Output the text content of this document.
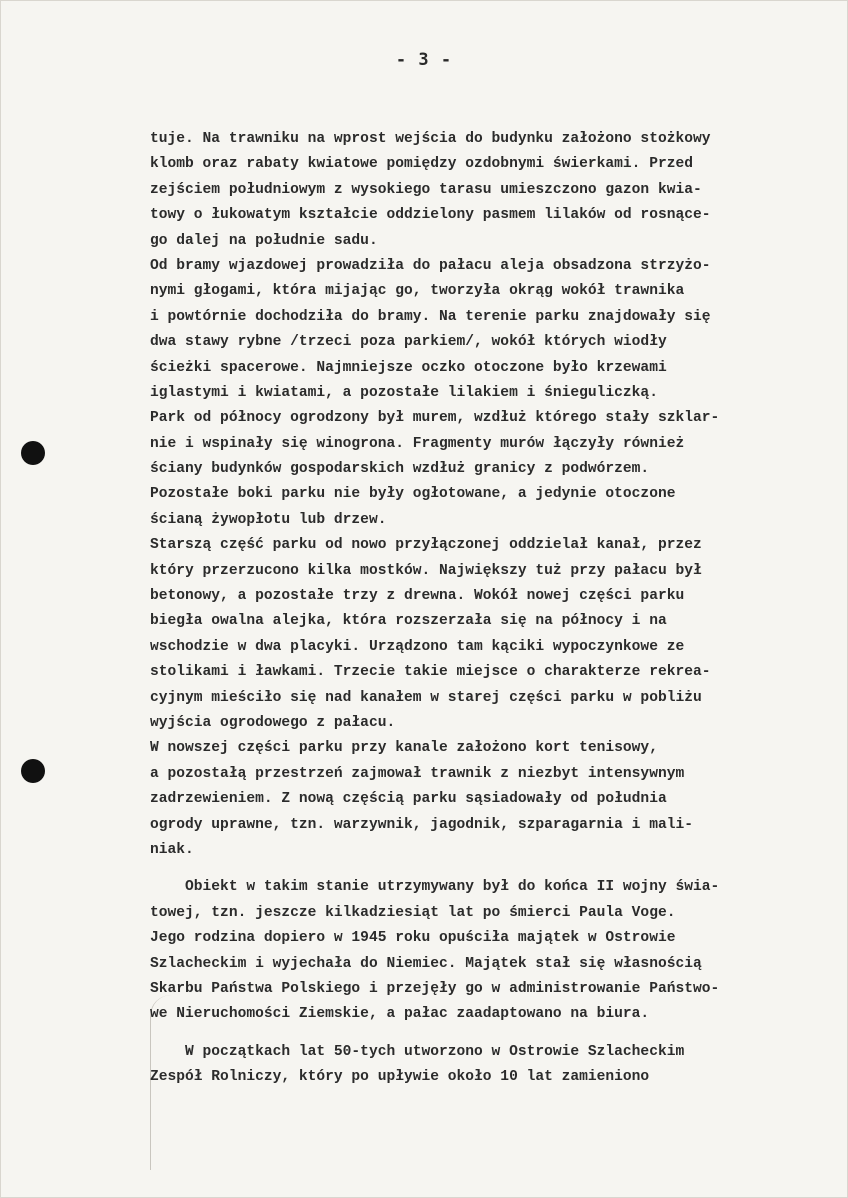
- 3 -
tuje. Na trawniku na wprost wejścia do budynku założono stożkowy
klomb oraz rabaty kwiatowe pomiędzy ozdobnymi świerkami. Przed
zejściem południowym z wysokiego tarasu umieszczono gazon kwia-
towy o łukowatym kształcie oddzielony pasmem lilaków od rosnące-
go dalej na południe sadu.
Od bramy wjazdowej prowadziła do pałacu aleja obsadzona strzyżo-
nymi głogami, która mijając go, tworzyła okrąg wokół trawnika
i powtórnie dochodziła do bramy. Na terenie parku znajdowały się
dwa stawy rybne /trzeci poza parkiem/, wokół których wiodły
ścieżki spacerowe. Najmniejsze oczko otoczone było krzewami
iglastymi i kwiatami, a pozostałe lilakiem i śnieguliczką.
Park od północy ogrodzony był murem, wzdłuż którego stały szklar-
nie i wspinały się winogrona. Fragmenty murów łączyły również
ściany budynków gospodarskich wzdłuż granicy z podwórzem.
Pozostałe boki parku nie były ogłotowane, a jedynie otoczone
ścianą żywopłotu lub drzew.
Starszą część parku od nowo przyłączonej oddzielał kanał, przez
który przerzucono kilka mostków. Największy tuż przy pałacu był
betonowy, a pozostałe trzy z drewna. Wokół nowej części parku
biegła owalna alejka, która rozszerzała się na północy i na
wschodzie w dwa placyki. Urządzono tam kąciki wypoczynkowe ze
stolikami i ławkami. Trzecie takie miejsce o charakterze rekrea-
cyjnym mieściło się nad kanałem w starej części parku w pobliżu
wyjścia ogrodowego z pałacu.
W nowszej części parku przy kanale założono kort tenisowy,
a pozostałą przestrzeń zajmował trawnik z niezbyt intensywnym
zadrzewieniem. Z nową częścią parku sąsiadowały od południa
ogrody uprawne, tzn. warzywnik, jagodnik, szparagarnia i mali-
niak.
Obiekt w takim stanie utrzymywany był do końca II wojny świa-
towej, tzn. jeszcze kilkadziesiąt lat po śmierci Paula Voge.
Jego rodzina dopiero w 1945 roku opuściła majątek w Ostrowie
Szlacheckim i wyjechała do Niemiec. Majątek stał się własnością
Skarbu Państwa Polskiego i przejęły go w administrowanie Państwo-
we Nieruchomości Ziemskie, a pałac zaadaptowano na biura.
W początkach lat 50-tych utworzono w Ostrowie Szlacheckim
Zespół Rolniczy, który po upływie około 10 lat zamieniono
